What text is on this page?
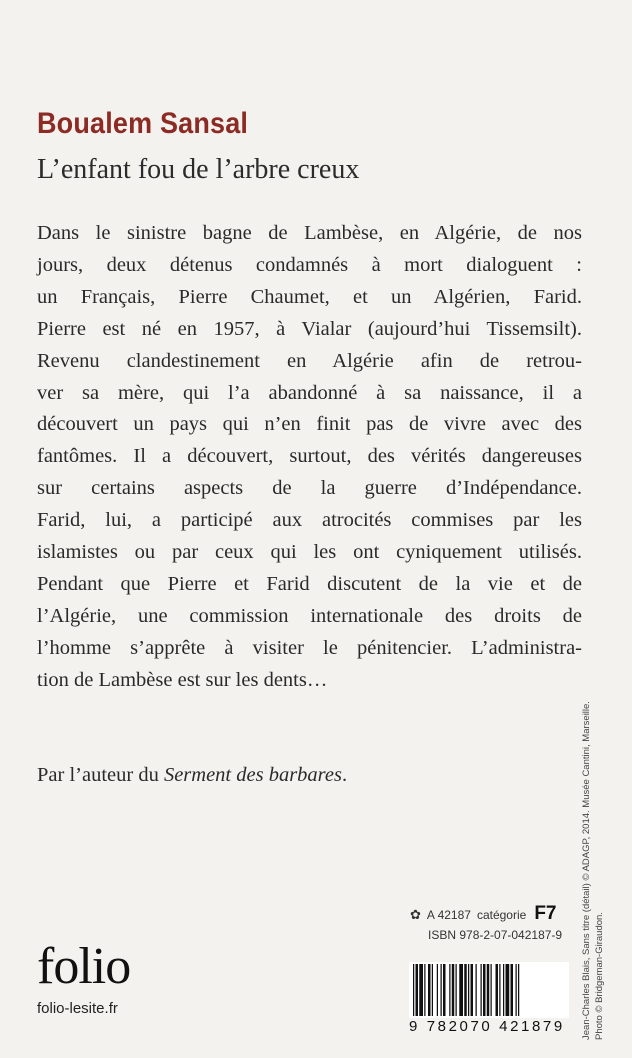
Boualem Sansal
L’enfant fou de l’arbre creux
Dans le sinistre bagne de Lambèse, en Algérie, de nos
jours, deux détenus condamnés à mort dialoguent :
un Français, Pierre Chaumet, et un Algérien, Farid.
Pierre est né en 1957, à Vialar (aujourd’hui Tissemsilt).
Revenu clandestinement en Algérie afin de retrou-
ver sa mère, qui l’a abandonné à sa naissance, il a
découvert un pays qui n’en finit pas de vivre avec des
fantômes. Il a découvert, surtout, des vérités dangereuses
sur certains aspects de la guerre d’Indépendance.
Farid, lui, a participé aux atrocités commises par les
islamistes ou par ceux qui les ont cyniquement utilisés.
Pendant que Pierre et Farid discutent de la vie et de
l’Algérie, une commission internationale des droits de
l’homme s’apprête à visiter le pénitencier. L’administra-
tion de Lambèse est sur les dents…
Par l’auteur du Serment des barbares.
✿ A 42187 catégorie F7
ISBN 978-2-07-042187-9
9 782070 421879
folio
folio-lesite.fr	Jean-Charles Blais, Sans titre (détail) © ADAGP, 2014. Musée Cantini, Marseille. Photo © Bridgeman-Giraudon.
